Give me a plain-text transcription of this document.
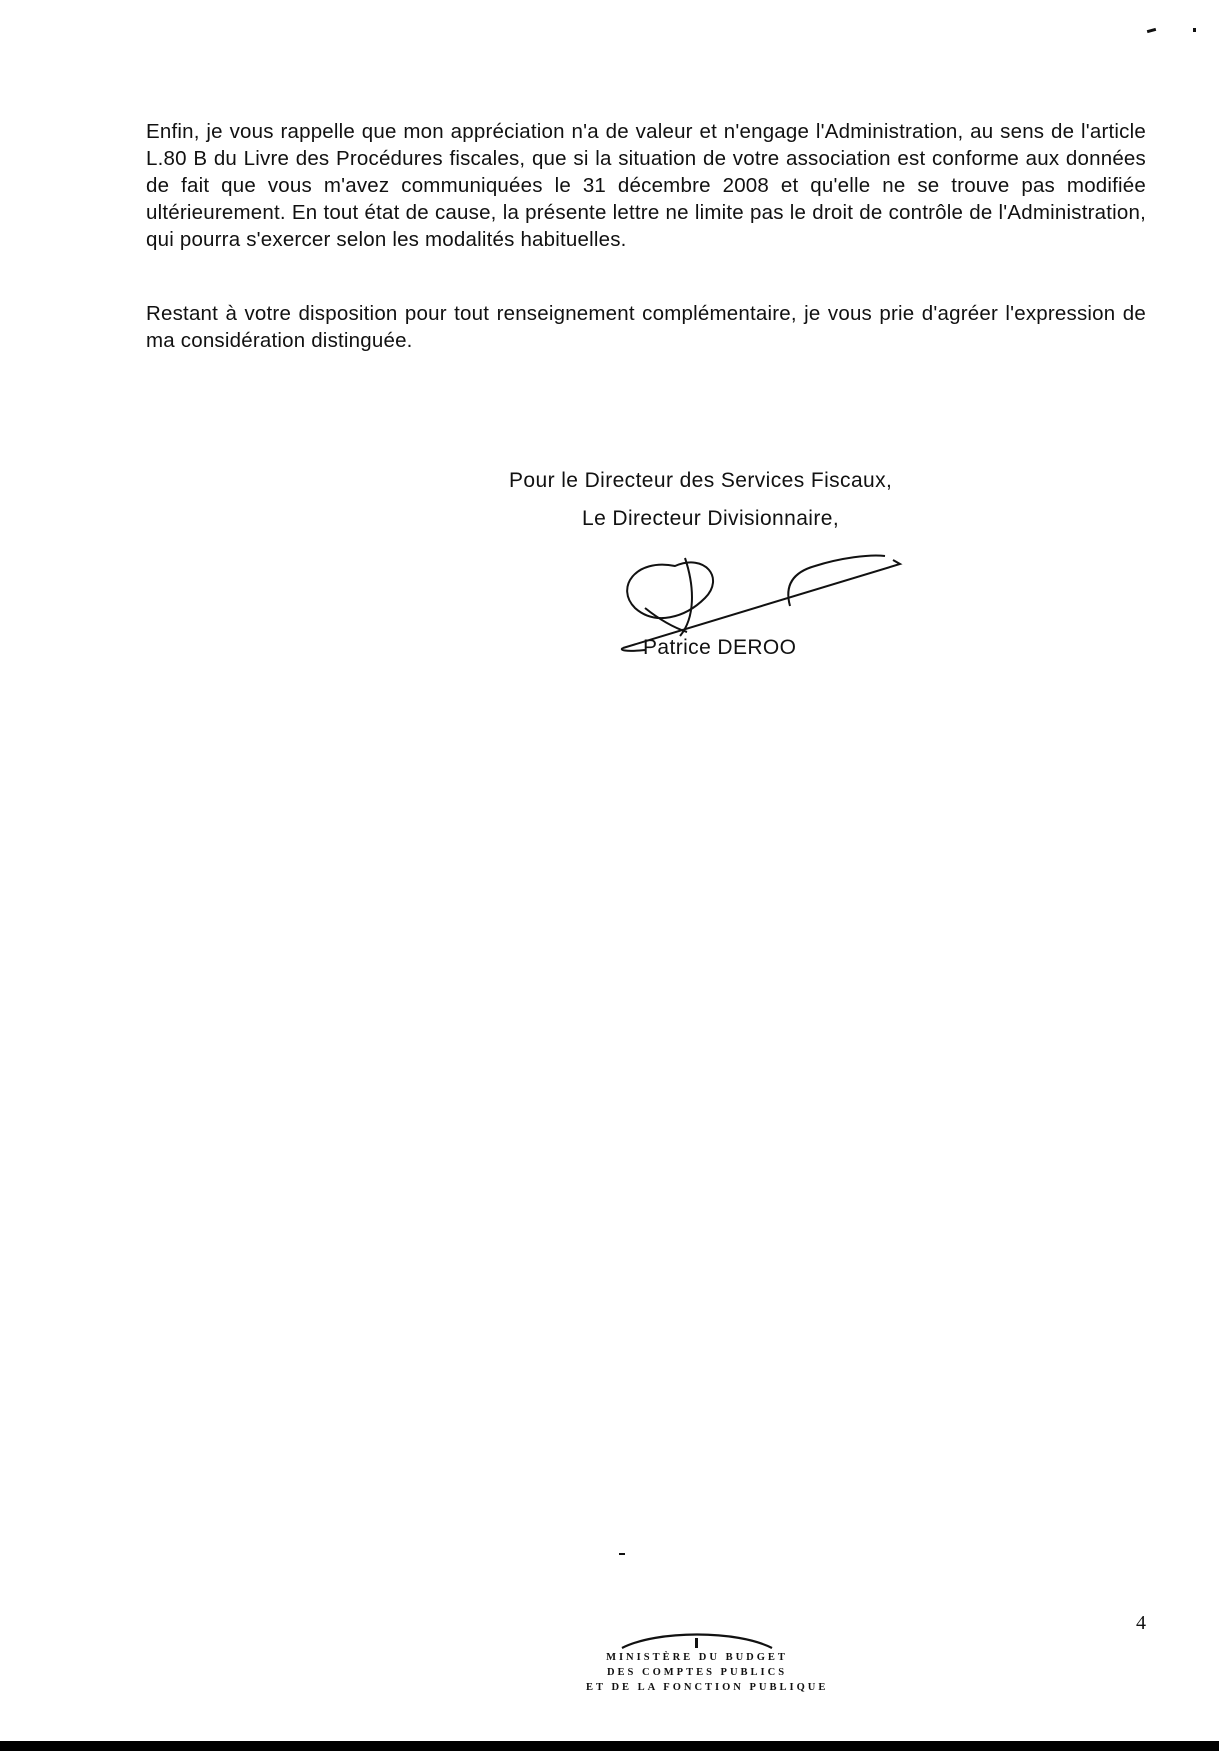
Enfin, je vous rappelle que mon appréciation n'a de valeur et n'engage l'Administration, au sens de l'article L.80 B du Livre des Procédures fiscales, que si la situation de votre association est conforme aux données de fait que vous m'avez communiquées le 31 décembre 2008 et qu'elle ne se trouve pas modifiée ultérieurement. En tout état de cause, la présente lettre ne limite pas le droit de contrôle de l'Administration, qui pourra s'exercer selon les modalités habituelles.

Restant à votre disposition pour tout renseignement complémentaire, je vous prie d'agréer l'expression de ma considération distinguée.

Pour le Directeur des Services Fiscaux,
Le Directeur Divisionnaire,
Patrice DEROO
4
MINISTÈRE DU BUDGET
DES COMPTES PUBLICS
ET DE LA FONCTION PUBLIQUE
